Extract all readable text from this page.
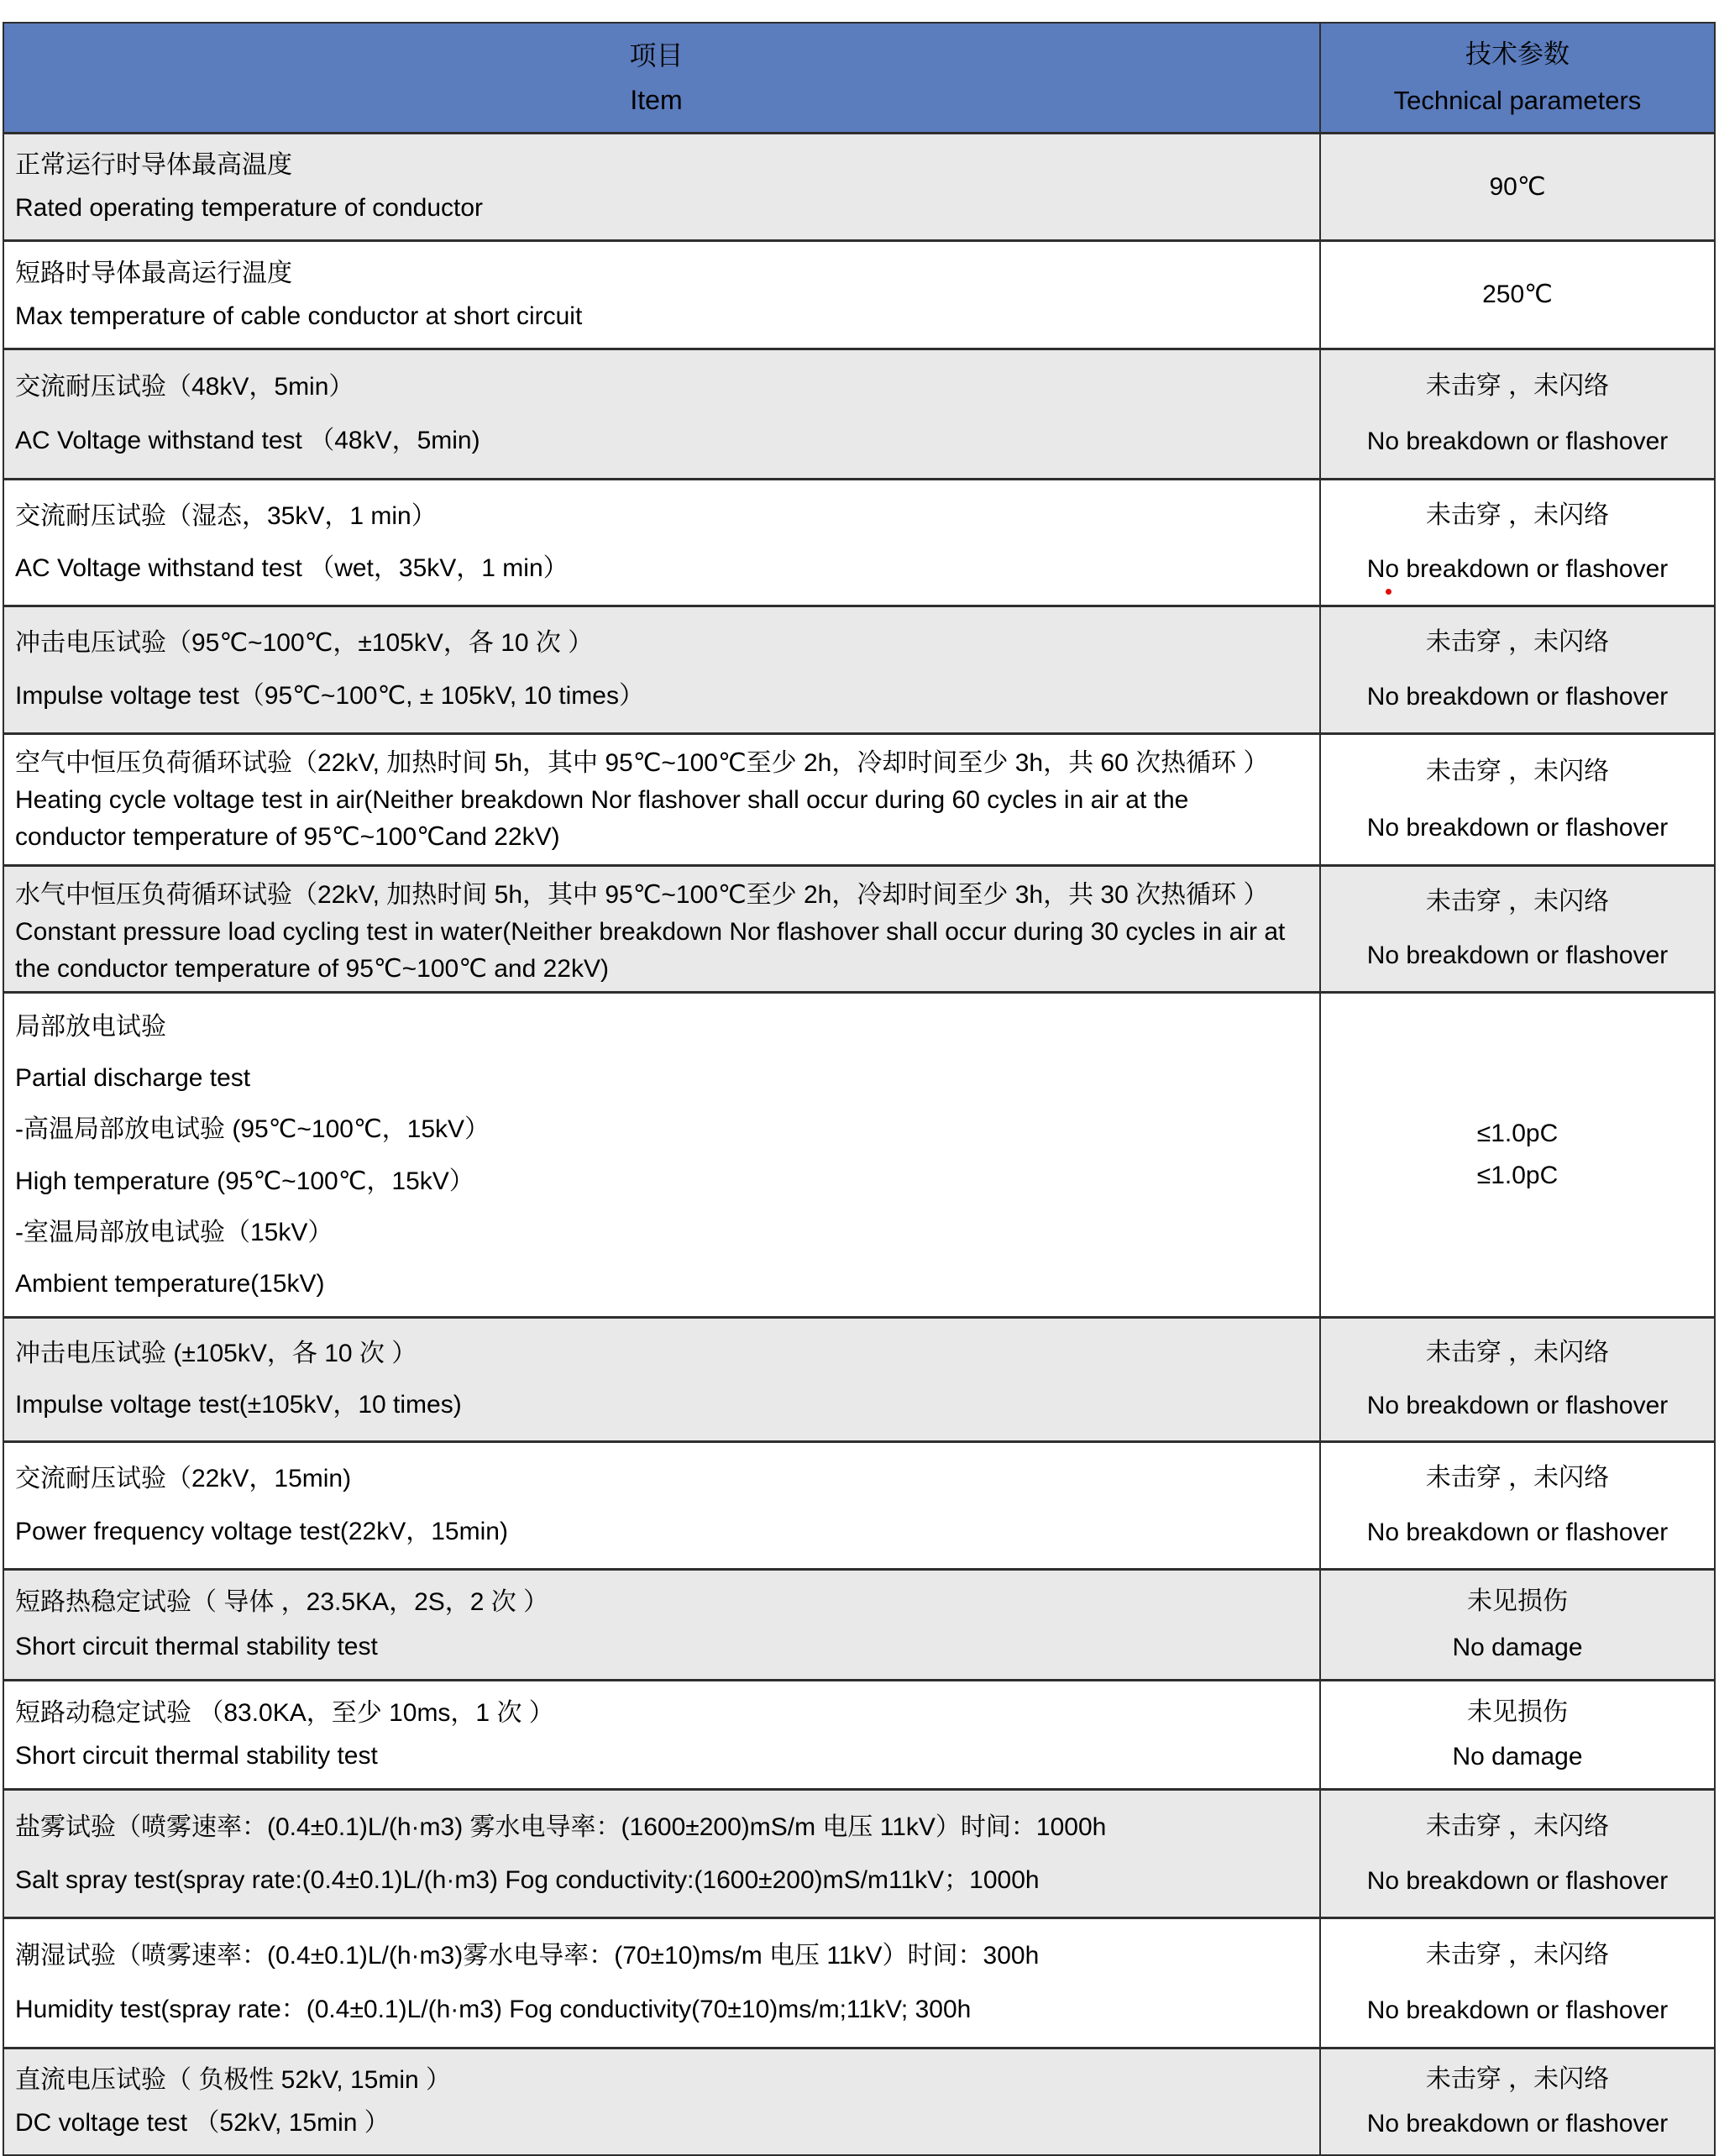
项目
Item
技术参数
Technical parameters
正常运行时导体最高温度
Rated operating temperature of conductor
90℃
短路时导体最高运行温度
Max temperature of cable conductor at short circuit
250℃
交流耐压试验（48kV，5min）
AC Voltage withstand test （48kV，5min)
未击穿 ，未闪络
No breakdown or flashover
交流耐压试验（湿态，35kV，1 min）
AC Voltage withstand test （wet，35kV，1 min）
未击穿 ，未闪络
No breakdown or flashover
冲击电压试验（95℃~100℃，±105kV，各 10 次 ）
Impulse voltage test（95℃~100℃, ± 105kV, 10 times）
未击穿 ，未闪络
No breakdown or flashover
空气中恒压负荷循环试验（22kV, 加热时间 5h，其中 95℃~100℃至少 2h，冷却时间至少 3h，共 60 次热循环 ）
Heating cycle voltage test in air(Neither breakdown Nor flashover shall occur during 60 cycles in air at the conductor temperature of 95℃~100℃and 22kV)
未击穿 ，未闪络
No breakdown or flashover
水气中恒压负荷循环试验（22kV, 加热时间 5h，其中 95℃~100℃至少 2h，冷却时间至少 3h，共 30 次热循环 ）
Constant pressure load cycling test in water(Neither breakdown Nor flashover shall occur during 30 cycles in air at the conductor temperature of 95℃~100℃ and 22kV)
未击穿 ，未闪络
No breakdown or flashover
局部放电试验
Partial discharge test
-高温局部放电试验 (95℃~100℃，15kV）
High temperature (95℃~100℃，15kV）
-室温局部放电试验（15kV）
Ambient temperature(15kV)
≤1.0pC
≤1.0pC
冲击电压试验 (±105kV，各 10 次 ）
Impulse voltage test(±105kV，10 times)
未击穿 ，未闪络
No breakdown or flashover
交流耐压试验（22kV，15min)
Power frequency voltage test(22kV，15min)
未击穿 ，未闪络
No breakdown or flashover
短路热稳定试验（ 导体 ，23.5KA，2S，2 次 ）
Short circuit thermal stability test
未见损伤
No damage
短路动稳定试验 （83.0KA，至少 10ms，1 次 ）
Short circuit thermal stability test
未见损伤
No damage
盐雾试验（喷雾速率：(0.4±0.1)L/(h·m3) 雾水电导率：(1600±200)mS/m 电压 11kV）时间：1000h
Salt spray test(spray rate:(0.4±0.1)L/(h·m3) Fog conductivity:(1600±200)mS/m11kV；1000h
未击穿 ，未闪络
No breakdown or flashover
潮湿试验（喷雾速率：(0.4±0.1)L/(h·m3)雾水电导率：(70±10)ms/m 电压 11kV）时间：300h
Humidity test(spray rate：(0.4±0.1)L/(h·m3) Fog conductivity(70±10)ms/m;11kV; 300h
未击穿 ，未闪络
No breakdown or flashover
直流电压试验（ 负极性 52kV, 15min ）
DC voltage test （52kV, 15min ）
未击穿 ，未闪络
No breakdown or flashover
